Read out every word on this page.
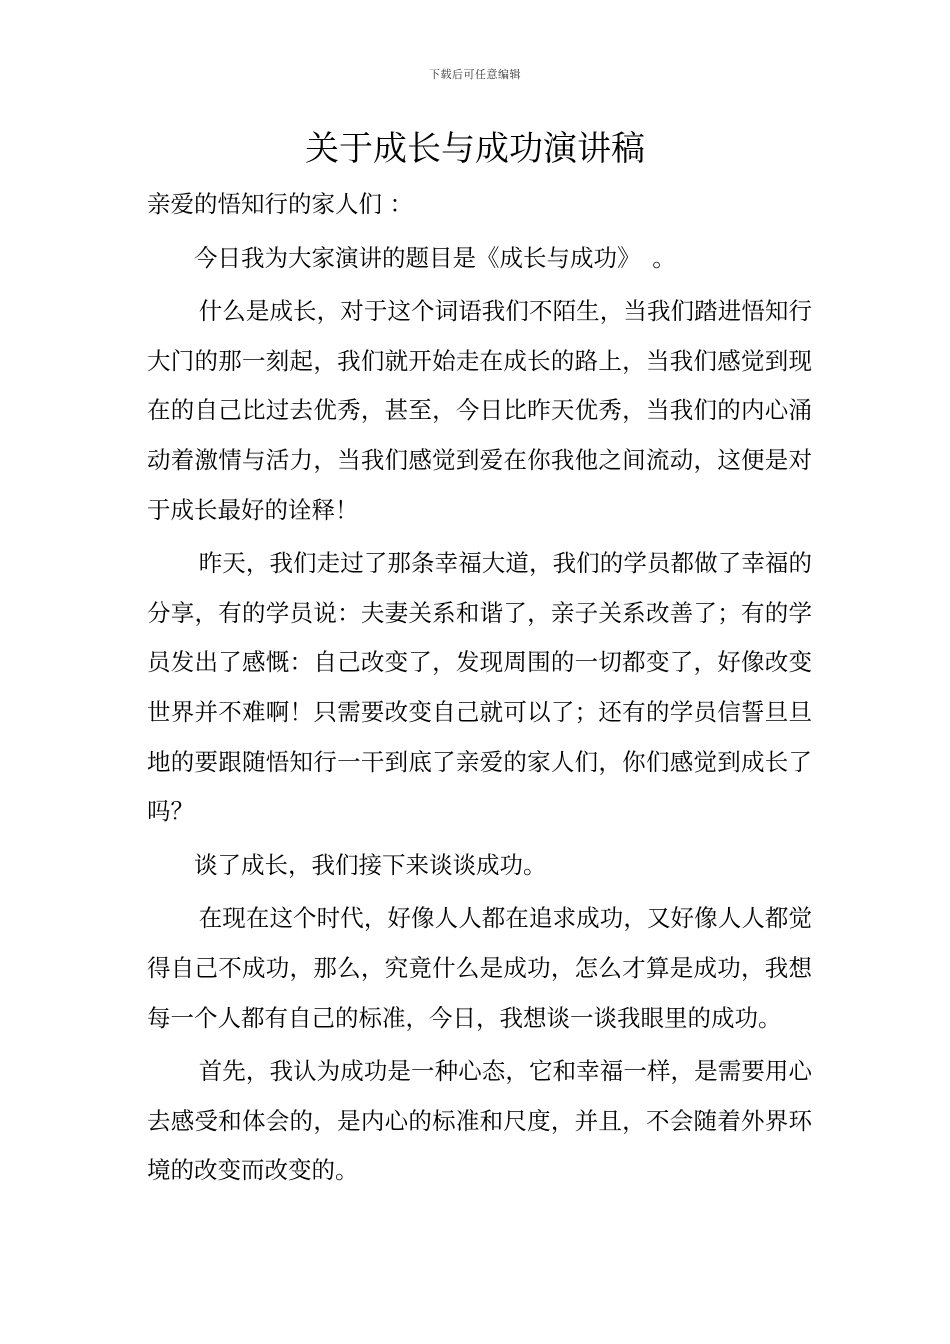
下载后可任意编辑
关于成长与成功演讲稿

亲爱的悟知行的家人们 ：

今日我为大家演讲的题目是《成长与成功》　。

什么是成长，对于这个词语我们不陌生，当我们踏进悟知行大门的那一刻起，我们就开始走在成长的路上，当我们感觉到现在的自己比过去优秀，甚至，今日比昨天优秀，当我们的内心涌动着激情与活力，当我们感觉到爱在你我他之间流动，这便是对于成长最好的诠释！

昨天，我们走过了那条幸福大道，我们的学员都做了幸福的分享，有的学员说：夫妻关系和谐了，亲子关系改善了；有的学员发出了感慨：自己改变了，发现周围的一切都变了，好像改变世界并不难啊！只需要改变自己就可以了；还有的学员信誓旦旦地的要跟随悟知行一干到底了亲爱的家人们，你们感觉到成长了吗？

谈了成长，我们接下来谈谈成功。

在现在这个时代，好像人人都在追求成功，又好像人人都觉得自己不成功，那么，究竟什么是成功，怎么才算是成功，我想每一个人都有自己的标准，今日，我想谈一谈我眼里的成功。

首先，我认为成功是一种心态，它和幸福一样，是需要用心去感受和体会的，是内心的标准和尺度，并且，不会随着外界环境的改变而改变的。
